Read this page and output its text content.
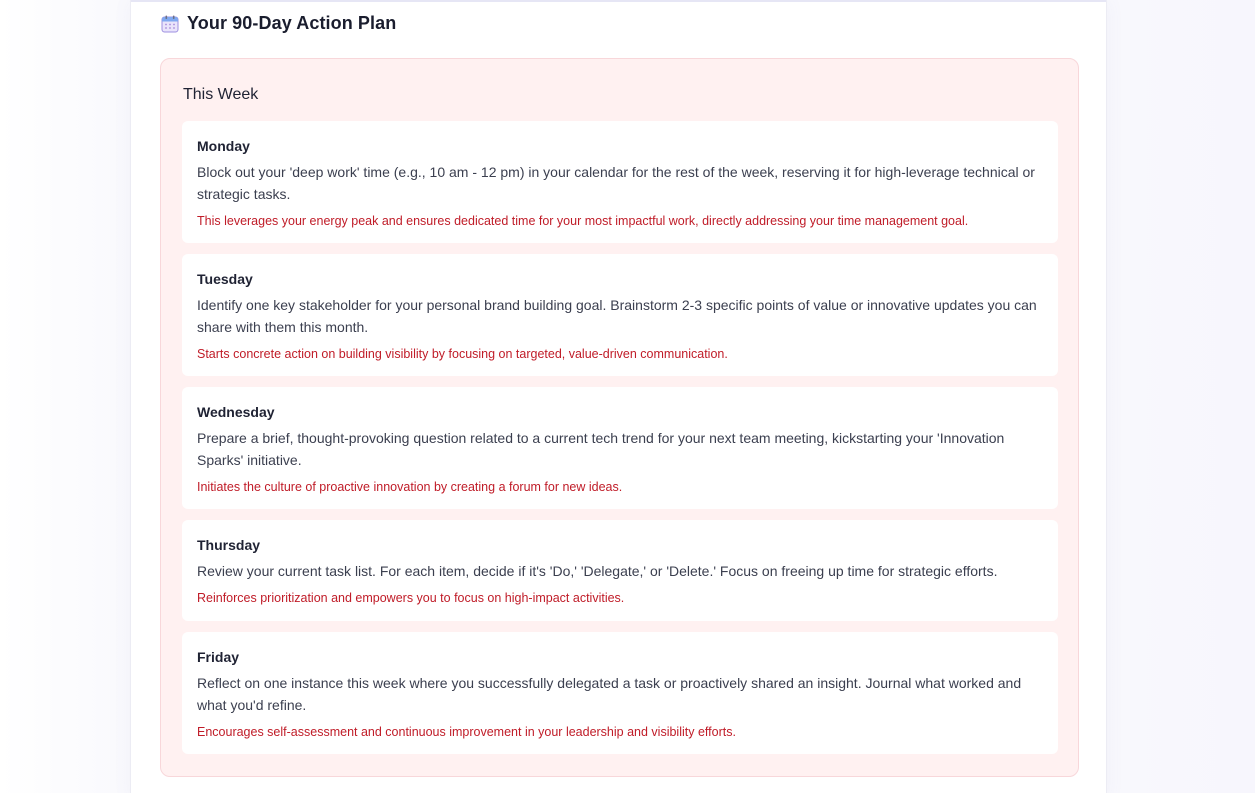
Your 90-Day Action Plan
This Week
Monday
Block out your 'deep work' time (e.g., 10 am - 12 pm) in your calendar for the rest of the week, reserving it for high-leverage technical or strategic tasks.
This leverages your energy peak and ensures dedicated time for your most impactful work, directly addressing your time management goal.
Tuesday
Identify one key stakeholder for your personal brand building goal. Brainstorm 2-3 specific points of value or innovative updates you can share with them this month.
Starts concrete action on building visibility by focusing on targeted, value-driven communication.
Wednesday
Prepare a brief, thought-provoking question related to a current tech trend for your next team meeting, kickstarting your 'Innovation Sparks' initiative.
Initiates the culture of proactive innovation by creating a forum for new ideas.
Thursday
Review your current task list. For each item, decide if it's 'Do,' 'Delegate,' or 'Delete.' Focus on freeing up time for strategic efforts.
Reinforces prioritization and empowers you to focus on high-impact activities.
Friday
Reflect on one instance this week where you successfully delegated a task or proactively shared an insight. Journal what worked and what you'd refine.
Encourages self-assessment and continuous improvement in your leadership and visibility efforts.
